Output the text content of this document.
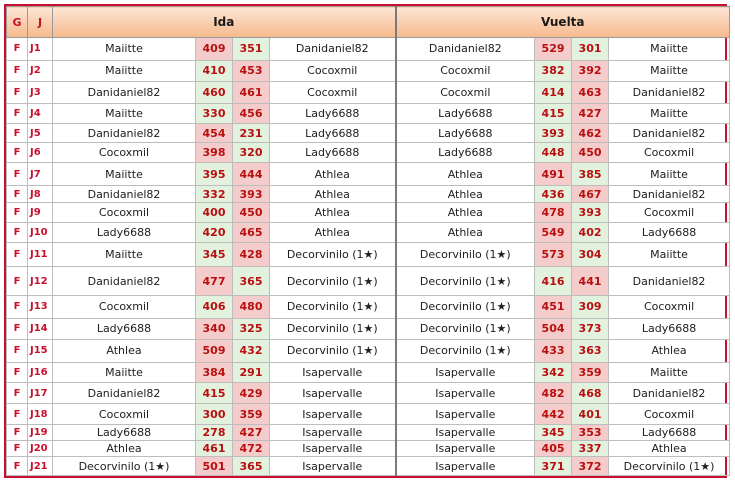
G	J	Ida				Vuelta			
F	J1	Maiitte	409	351	Danidaniel82	Danidaniel82	529	301	Maiitte
F	J2	Maiitte	410	453	Cocoxmil	Cocoxmil	382	392	Maiitte
F	J3	Danidaniel82	460	461	Cocoxmil	Cocoxmil	414	463	Danidaniel82
F	J4	Maiitte	330	456	Lady6688	Lady6688	415	427	Maiitte
F	J5	Danidaniel82	454	231	Lady6688	Lady6688	393	462	Danidaniel82
F	J6	Cocoxmil	398	320	Lady6688	Lady6688	448	450	Cocoxmil
F	J7	Maiitte	395	444	Athlea	Athlea	491	385	Maiitte
F	J8	Danidaniel82	332	393	Athlea	Athlea	436	467	Danidaniel82
F	J9	Cocoxmil	400	450	Athlea	Athlea	478	393	Cocoxmil
F	J10	Lady6688	420	465	Athlea	Athlea	549	402	Lady6688
F	J11	Maiitte	345	428	Decorvinilo (1★)	Decorvinilo (1★)	573	304	Maiitte
F	J12	Danidaniel82	477	365	Decorvinilo (1★)	Decorvinilo (1★)	416	441	Danidaniel82
F	J13	Cocoxmil	406	480	Decorvinilo (1★)	Decorvinilo (1★)	451	309	Cocoxmil
F	J14	Lady6688	340	325	Decorvinilo (1★)	Decorvinilo (1★)	504	373	Lady6688
F	J15	Athlea	509	432	Decorvinilo (1★)	Decorvinilo (1★)	433	363	Athlea
F	J16	Maiitte	384	291	Isapervalle	Isapervalle	342	359	Maiitte
F	J17	Danidaniel82	415	429	Isapervalle	Isapervalle	482	468	Danidaniel82
F	J18	Cocoxmil	300	359	Isapervalle	Isapervalle	442	401	Cocoxmil
F	J19	Lady6688	278	427	Isapervalle	Isapervalle	345	353	Lady6688
F	J20	Athlea	461	472	Isapervalle	Isapervalle	405	337	Athlea
F	J21	Decorvinilo (1★)	501	365	Isapervalle	Isapervalle	371	372	Decorvinilo (1★)
